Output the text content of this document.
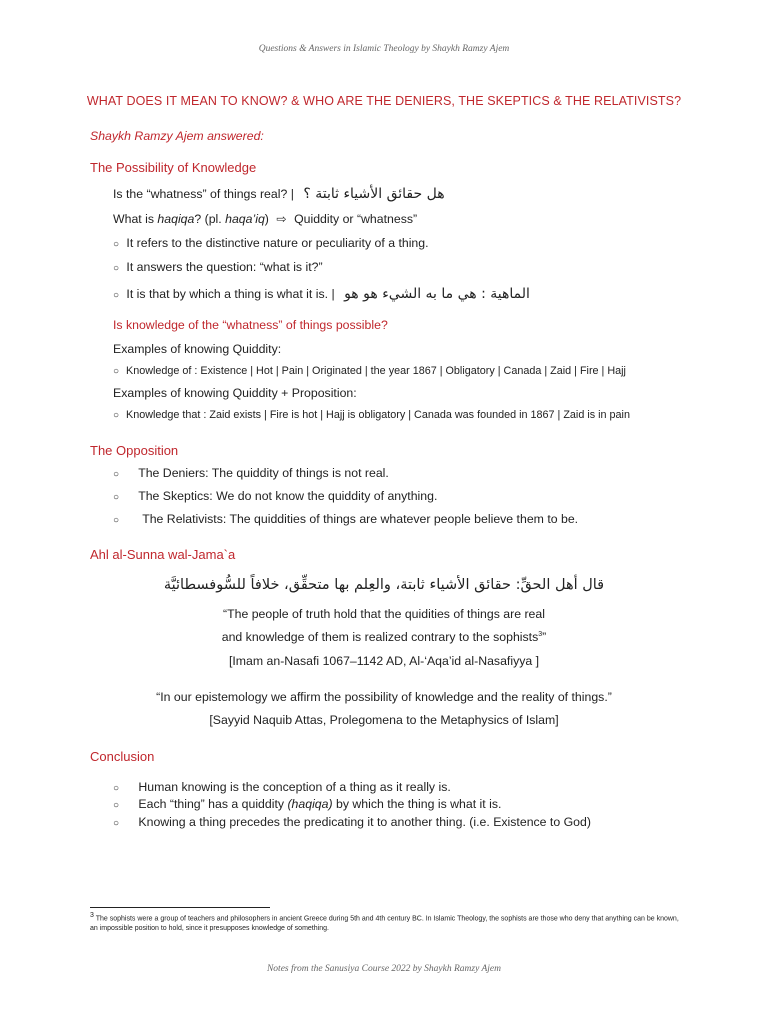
Questions & Answers in Islamic Theology by Shaykh Ramzy Ajem
WHAT DOES IT MEAN TO KNOW? & WHO ARE THE DENIERS, THE SKEPTICS & THE RELATIVISTS?
Shaykh Ramzy Ajem answered:
The Possibility of Knowledge
Is the “whatness” of things real? | هل حقائق الأشياء ثابتة ؟
What is haqiqa? (pl. haqa’iq) ⇨ Quiddity or “whatness”
○ It refers to the distinctive nature or peculiarity of a thing.
○ It answers the question: “what is it?”
○ It is that by which a thing is what it is. | الماهية : هي ما به الشيء هو هو
Is knowledge of the “whatness” of things possible?
Examples of knowing Quiddity:
○ Knowledge of : Existence | Hot | Pain | Originated | the year 1867 | Obligatory | Canada | Zaid | Fire | Hajj
Examples of knowing Quiddity + Proposition:
○ Knowledge that : Zaid exists | Fire is hot | Hajj is obligatory | Canada was founded in 1867 | Zaid is in pain
The Opposition
○ The Deniers: The quiddity of things is not real.
○ The Skeptics: We do not know the quiddity of anything.
○ The Relativists: The quiddities of things are whatever people believe them to be.
Ahl al-Sunna wal-Jama`a
قال أهل الحقِّ: حقائق الأشياء ثابتة، والعِلم بها متحقِّق، خلافاً للسُّوفسطائيَّة
“The people of truth hold that the quidities of things are real
and knowledge of them is realized contrary to the sophists$^3$”
[Imam an-Nasafi 1067–1142 AD, Al-‘Aqa’id al-Nasafiyya ]
“In our epistemology we affirm the possibility of knowledge and the reality of things.”
[Sayyid Naquib Attas, Prolegomena to the Metaphysics of Islam]
Conclusion
○ Human knowing is the conception of a thing as it really is.
○ Each “thing” has a quiddity (haqiqa) by which the thing is what it is.
○ Knowing a thing precedes the predicating it to another thing. (i.e. Existence to God)
3 The sophists were a group of teachers and philosophers in ancient Greece during 5th and 4th century BC. In Islamic Theology, the sophists are those who deny that anything can be known, an impossible position to hold, since it presupposes knowledge of something.
Notes from the Sanusiya Course 2022 by Shaykh Ramzy Ajem
